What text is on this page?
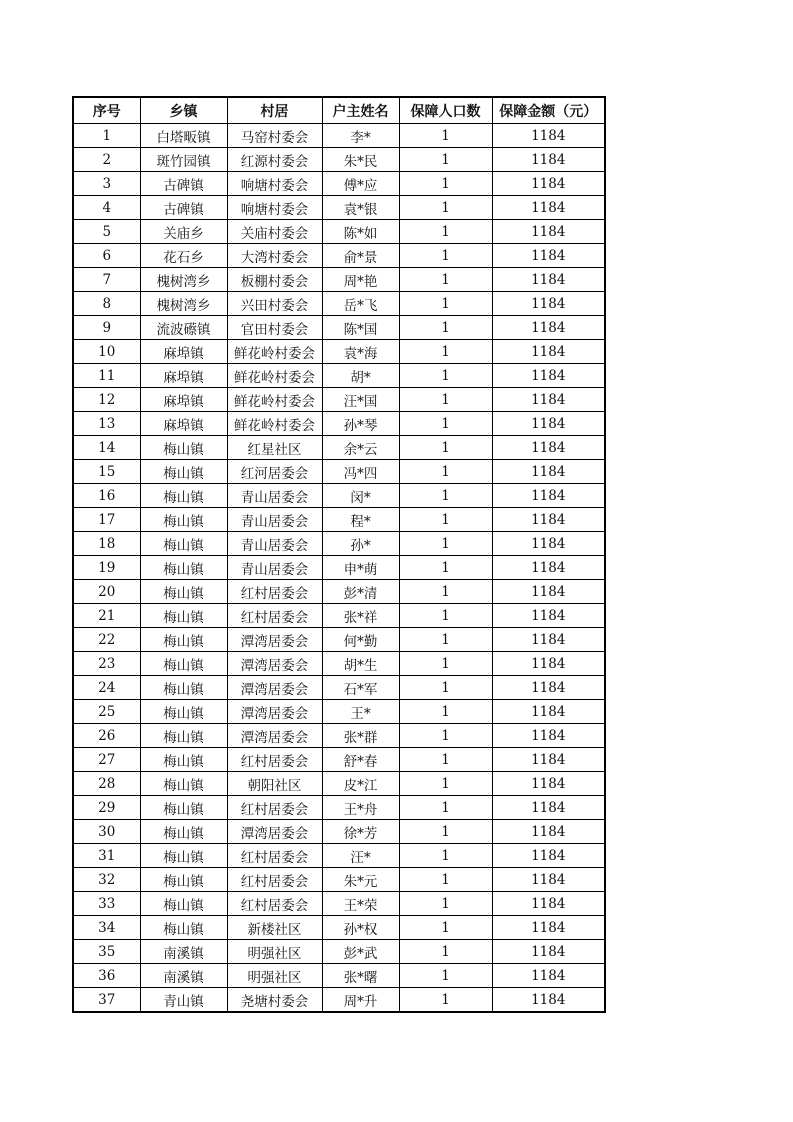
序号	乡镇	村居	户主姓名	保障人口数	保障金额（元）
1	白塔畈镇	马窑村委会	李*	1	1184
2	斑竹园镇	红源村委会	朱*民	1	1184
3	古碑镇	响塘村委会	傅*应	1	1184
4	古碑镇	响塘村委会	袁*银	1	1184
5	关庙乡	关庙村委会	陈*如	1	1184
6	花石乡	大湾村委会	俞*景	1	1184
7	槐树湾乡	板棚村委会	周*艳	1	1184
8	槐树湾乡	兴田村委会	岳*飞	1	1184
9	流波礤镇	官田村委会	陈*国	1	1184
10	麻埠镇	鲜花岭村委会	袁*海	1	1184
11	麻埠镇	鲜花岭村委会	胡*	1	1184
12	麻埠镇	鲜花岭村委会	汪*国	1	1184
13	麻埠镇	鲜花岭村委会	孙*琴	1	1184
14	梅山镇	红星社区	余*云	1	1184
15	梅山镇	红河居委会	冯*四	1	1184
16	梅山镇	青山居委会	闵*	1	1184
17	梅山镇	青山居委会	程*	1	1184
18	梅山镇	青山居委会	孙*	1	1184
19	梅山镇	青山居委会	申*萌	1	1184
20	梅山镇	红村居委会	彭*清	1	1184
21	梅山镇	红村居委会	张*祥	1	1184
22	梅山镇	潭湾居委会	何*勤	1	1184
23	梅山镇	潭湾居委会	胡*生	1	1184
24	梅山镇	潭湾居委会	石*军	1	1184
25	梅山镇	潭湾居委会	王*	1	1184
26	梅山镇	潭湾居委会	张*群	1	1184
27	梅山镇	红村居委会	舒*春	1	1184
28	梅山镇	朝阳社区	皮*江	1	1184
29	梅山镇	红村居委会	王*舟	1	1184
30	梅山镇	潭湾居委会	徐*芳	1	1184
31	梅山镇	红村居委会	汪*	1	1184
32	梅山镇	红村居委会	朱*元	1	1184
33	梅山镇	红村居委会	王*荣	1	1184
34	梅山镇	新楼社区	孙*权	1	1184
35	南溪镇	明强社区	彭*武	1	1184
36	南溪镇	明强社区	张*曙	1	1184
37	青山镇	尧塘村委会	周*升	1	1184
